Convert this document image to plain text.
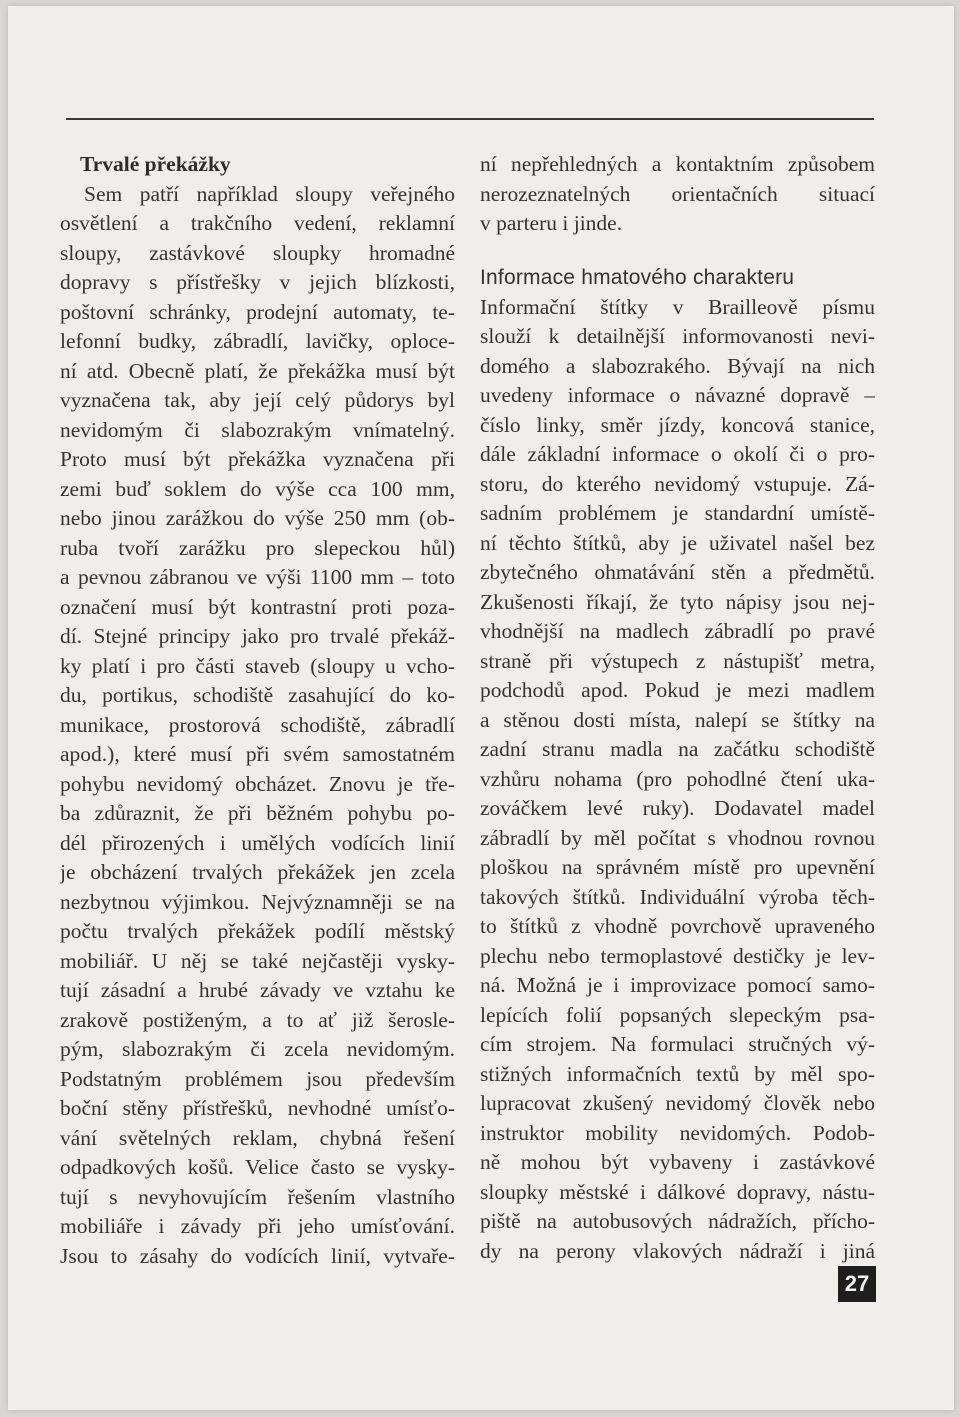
Trvalé překážky
Sem patří například sloupy veřejného
osvětlení a trakčního vedení, reklamní
sloupy, zastávkové sloupky hromadné
dopravy s přístřešky v jejich blízkosti,
poštovní schránky, prodejní automaty, te-
lefonní budky, zábradlí, lavičky, oploce-
ní atd. Obecně platí, že překážka musí být
vyznačena tak, aby její celý půdorys byl
nevidomým či slabozrakým vnímatelný.
Proto musí být překážka vyznačena při
zemi buď soklem do výše cca 100 mm,
nebo jinou zarážkou do výše 250 mm (ob-
ruba tvoří zarážku pro slepeckou hůl)
a pevnou zábranou ve výši 1100 mm – toto
označení musí být kontrastní proti poza-
dí. Stejné principy jako pro trvalé překáž-
ky platí i pro části staveb (sloupy u vcho-
du, portikus, schodiště zasahující do ko-
munikace, prostorová schodiště, zábradlí
apod.), které musí při svém samostatném
pohybu nevidomý obcházet. Znovu je tře-
ba zdůraznit, že při běžném pohybu po-
dél přirozených i umělých vodících linií
je obcházení trvalých překážek jen zcela
nezbytnou výjimkou. Nejvýznamněji se na
počtu trvalých překážek podílí městský
mobiliář. U něj se také nejčastěji vysky-
tují zásadní a hrubé závady ve vztahu ke
zrakově postiženým, a to ať již šerosle-
pým, slabozrakým či zcela nevidomým.
Podstatným problémem jsou především
boční stěny přístřešků, nevhodné umísťo-
vání světelných reklam, chybná řešení
odpadkových košů. Velice často se vysky-
tují s nevyhovujícím řešením vlastního
mobiliáře i závady při jeho umísťování.
Jsou to zásahy do vodících linií, vytvaře-
ní nepřehledných a kontaktním způsobem
nerozeznatelných orientačních situací
v parteru i jinde.
Informace hmatového charakteru
Informační štítky v Brailleově písmu
slouží k detailnější informovanosti nevi-
domého a slabozrakého. Bývají na nich
uvedeny informace o návazné dopravě –
číslo linky, směr jízdy, koncová stanice,
dále základní informace o okolí či o pro-
storu, do kterého nevidomý vstupuje. Zá-
sadním problémem je standardní umístě-
ní těchto štítků, aby je uživatel našel bez
zbytečného ohmatávání stěn a předmětů.
Zkušenosti říkají, že tyto nápisy jsou nej-
vhodnější na madlech zábradlí po pravé
straně při výstupech z nástupišť metra,
podchodů apod. Pokud je mezi madlem
a stěnou dosti místa, nalepí se štítky na
zadní stranu madla na začátku schodiště
vzhůru nohama (pro pohodlné čtení uka-
zováčkem levé ruky). Dodavatel madel
zábradlí by měl počítat s vhodnou rovnou
ploškou na správném místě pro upevnění
takových štítků. Individuální výroba těch-
to štítků z vhodně povrchově upraveného
plechu nebo termoplastové destičky je lev-
ná. Možná je i improvizace pomocí samo-
lepících folií popsaných slepeckým psa-
cím strojem. Na formulaci stručných vý-
stižných informačních textů by měl spo-
lupracovat zkušený nevidomý člověk nebo
instruktor mobility nevidomých. Podob-
ně mohou být vybaveny i zastávkové
sloupky městské i dálkové dopravy, nástu-
piště na autobusových nádražích, přícho-
dy na perony vlakových nádraží i jiná
27
